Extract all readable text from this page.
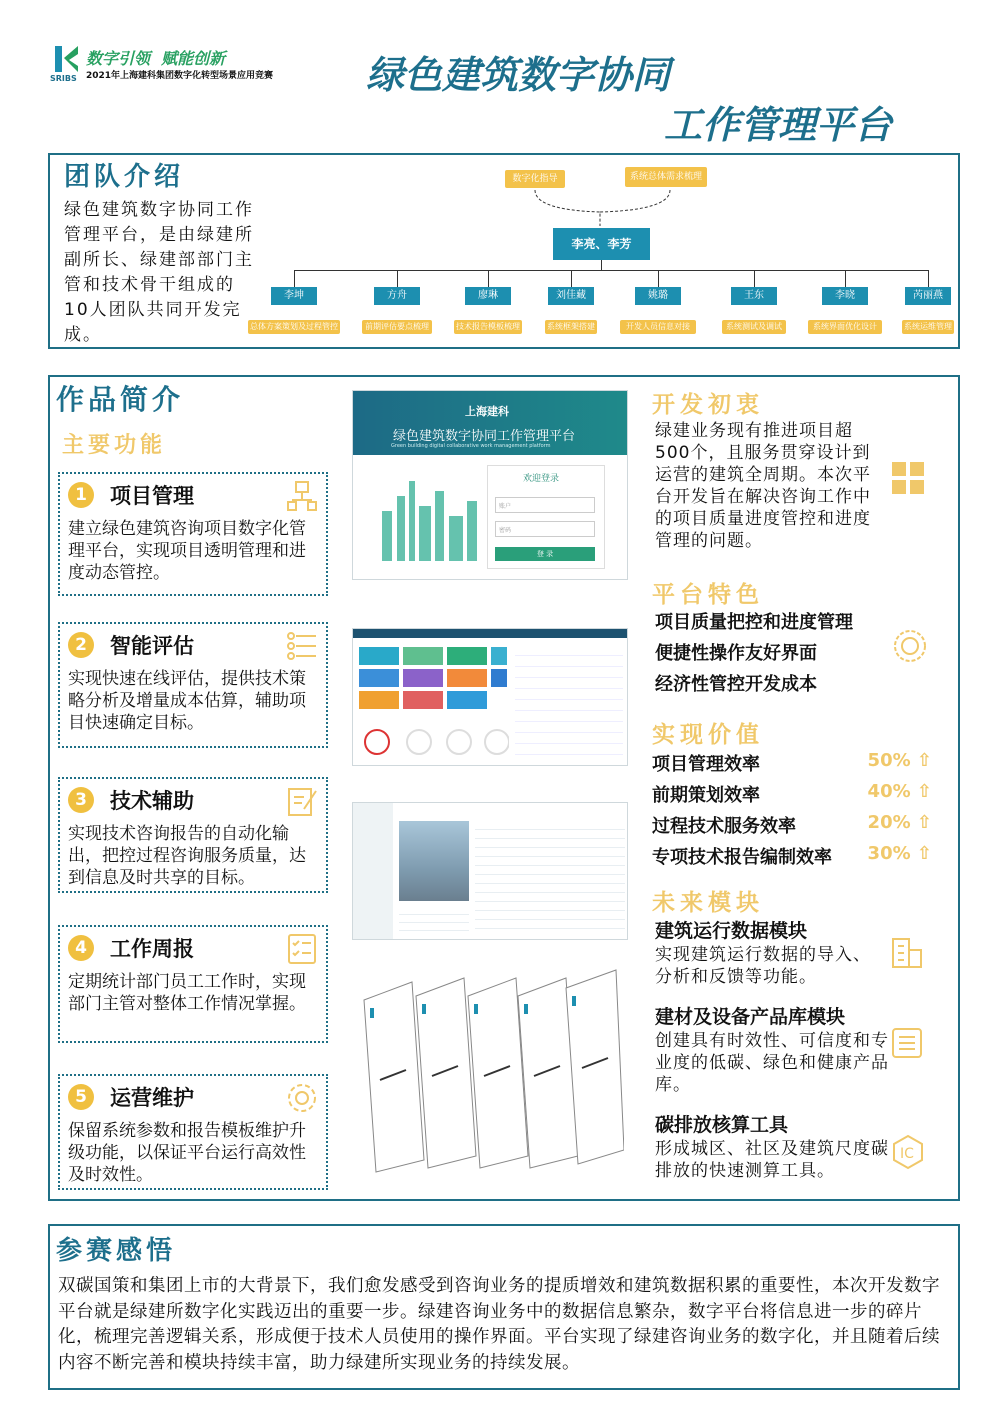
SRIBS
数字引领  赋能创新
2021年上海建科集团数字化转型场景应用竞赛 绿色建筑数字协同
工作管理平台
团队介绍
绿色建筑数字协同工作管理平台，是由绿建所副所长、绿建部部门主管和技术骨干组成的10人团队共同开发完成。
数字化指导	系统总体需求梳理
李亮、李芳
李坤
总体方案策划及过程管控
方舟
前期评估要点梳理
廖琳
技术报告模板梳理
刘佳藏
系统框架搭建
姚璐
开发人员信息对接
王东
系统测试及调试
李晓
系统界面优化设计
芮丽燕
系统运维管理
作品简介
主要功能
1	项目管理
建立绿色建筑咨询项目数字化管理平台，实现项目透明管理和进度动态管控。
2	智能评估
实现快速在线评估，提供技术策略分析及增量成本估算，辅助项目快速确定目标。
3	技术辅助
实现技术咨询报告的自动化输出，把控过程咨询服务质量，达到信息及时共享的目标。
4	工作周报
定期统计部门员工工作时，实现部门主管对整体工作情况掌握。
5	运营维护
保留系统参数和报告模板维护升级功能，以保证平台运行高效性及时效性。
上海建科
绿色建筑数字协同工作管理平台
Green building digital collaborative work management platform
欢迎登录
账户
密码
登 录
开发初衷
绿建业务现有推进项目超500个，且服务贯穿设计到运营的建筑全周期。本次平台开发旨在解决咨询工作中的项目质量进度管控和进度管理的问题。
平台特色
项目质量把控和进度管理
便捷性操作友好界面
经济性管控开发成本
实现价值
项目管理效率	50% ⇧
前期策划效率	40% ⇧
过程技术服务效率	20% ⇧
专项技术报告编制效率 30% ⇧
未来模块
建筑运行数据模块
实现建筑运行数据的导入、分析和反馈等功能。
建材及设备产品库模块
创建具有时效性、可信度和专业度的低碳、绿色和健康产品库。
碳排放核算工具
形成城区、社区及建筑尺度碳排放的快速测算工具。
IC
参赛感悟
双碳国策和集团上市的大背景下，我们愈发感受到咨询业务的提质增效和建筑数据积累的重要性，本次开发数字平台就是绿建所数字化实践迈出的重要一步。绿建咨询业务中的数据信息繁杂，数字平台将信息进一步的碎片化，梳理完善逻辑关系，形成便于技术人员使用的操作界面。平台实现了绿建咨询业务的数字化，并且随着后续内容不断完善和模块持续丰富，助力绿建所实现业务的持续发展。
